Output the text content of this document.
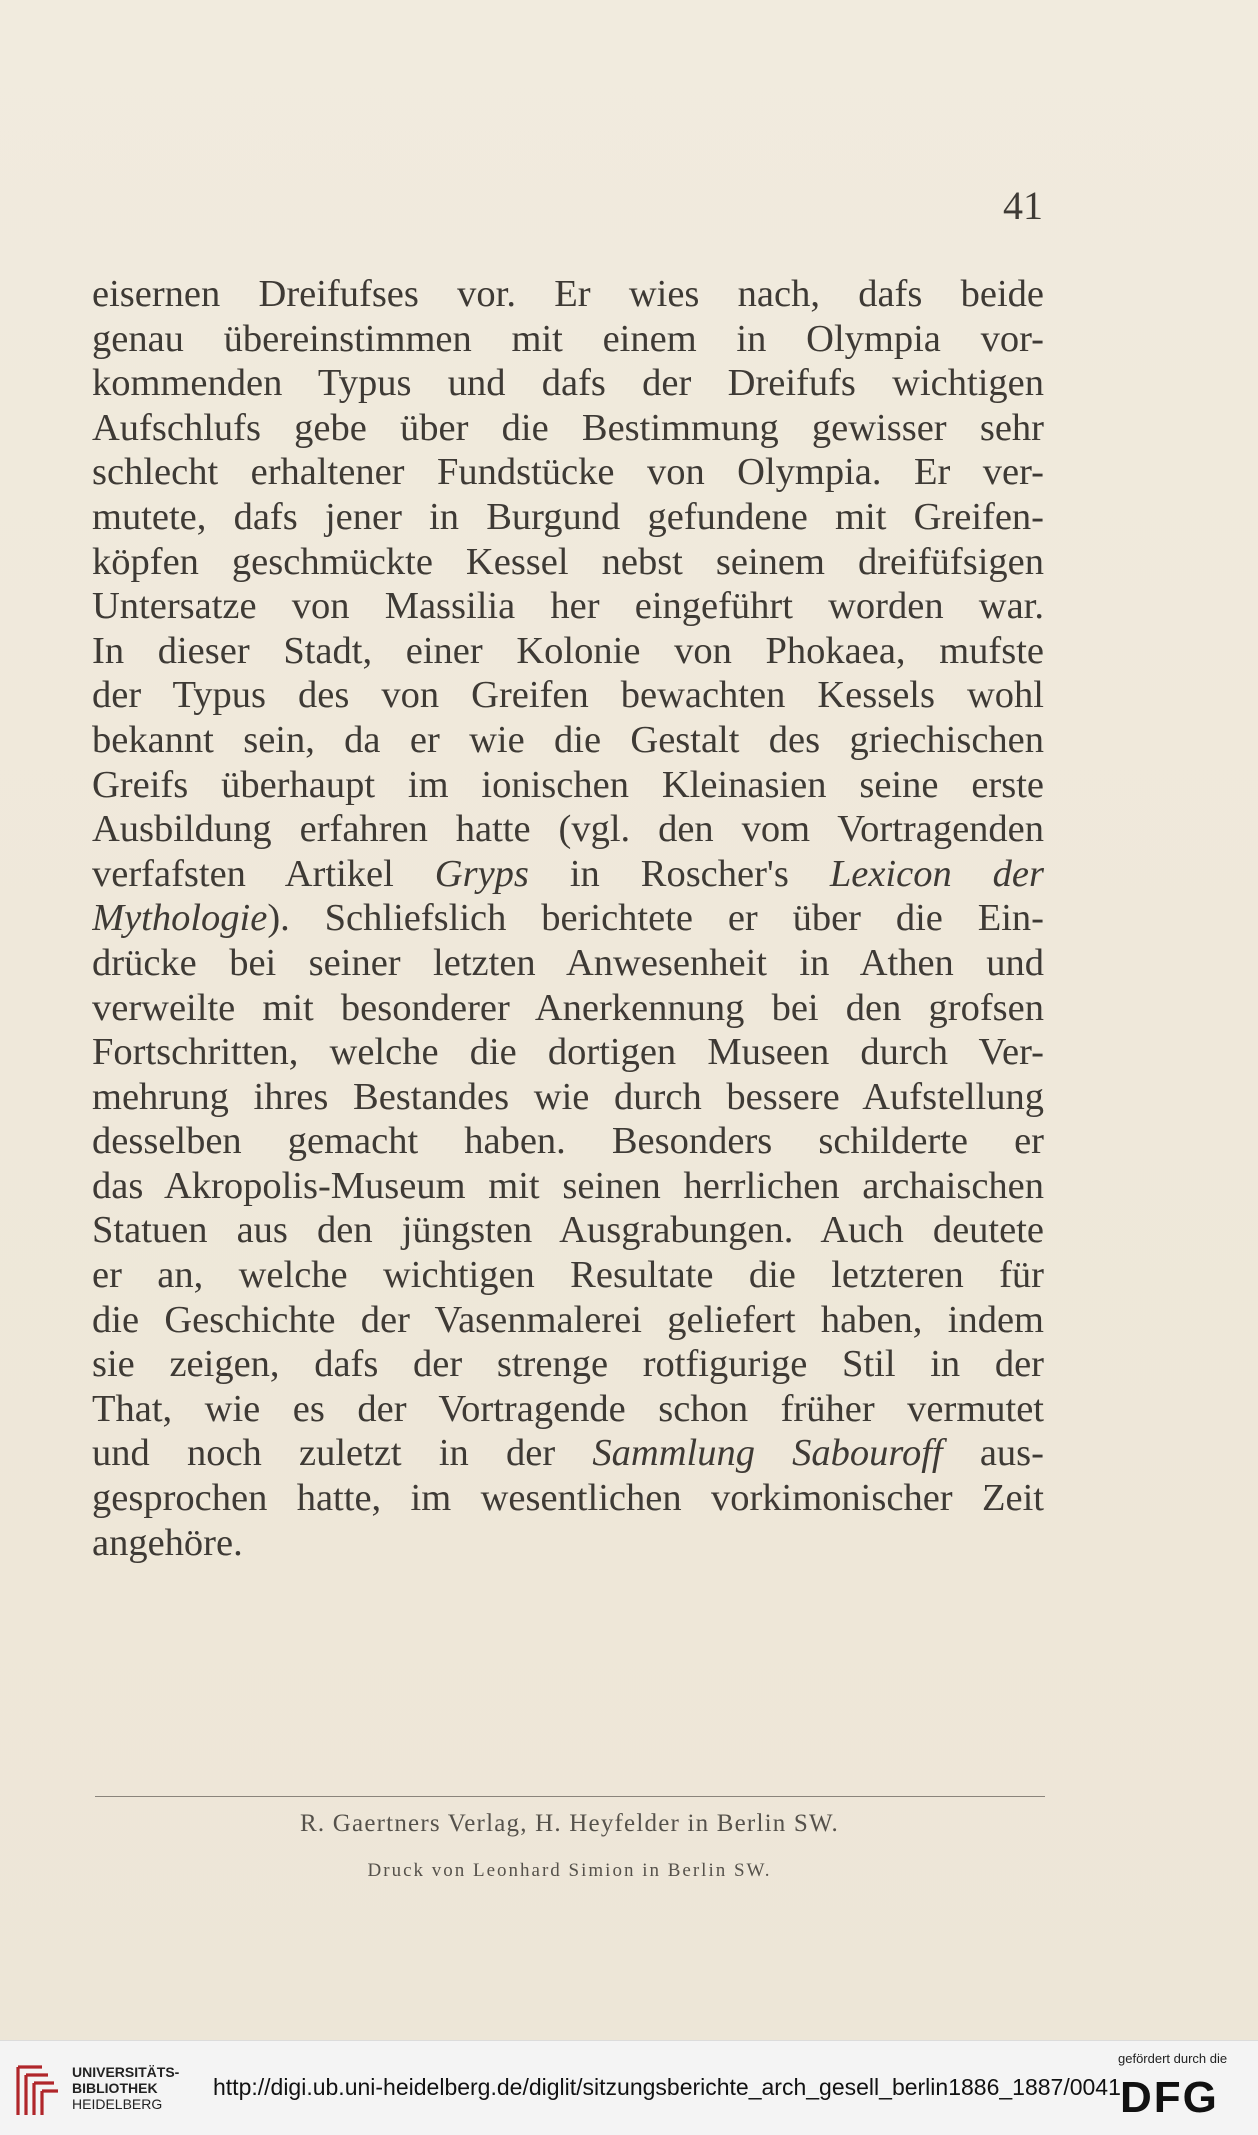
41
eisernen Dreifufses vor. Er wies nach, dafs beide
genau übereinstimmen mit einem in Olympia vor-
kommenden Typus und dafs der Dreifufs wichtigen
Aufschlufs gebe über die Bestimmung gewisser sehr
schlecht erhaltener Fundstücke von Olympia. Er ver-
mutete, dafs jener in Burgund gefundene mit Greifen-
köpfen geschmückte Kessel nebst seinem dreifüfsigen
Untersatze von Massilia her eingeführt worden war.
In dieser Stadt, einer Kolonie von Phokaea, mufste
der Typus des von Greifen bewachten Kessels wohl
bekannt sein, da er wie die Gestalt des griechischen
Greifs überhaupt im ionischen Kleinasien seine erste
Ausbildung erfahren hatte (vgl. den vom Vortragenden
verfafsten Artikel Gryps in Roscher's Lexicon der
Mythologie). Schliefslich berichtete er über die Ein-
drücke bei seiner letzten Anwesenheit in Athen und
verweilte mit besonderer Anerkennung bei den grofsen
Fortschritten, welche die dortigen Museen durch Ver-
mehrung ihres Bestandes wie durch bessere Aufstellung
desselben gemacht haben. Besonders schilderte er
das Akropolis-Museum mit seinen herrlichen archaischen
Statuen aus den jüngsten Ausgrabungen. Auch deutete
er an, welche wichtigen Resultate die letzteren für
die Geschichte der Vasenmalerei geliefert haben, indem
sie zeigen, dafs der strenge rotfigurige Stil in der
That, wie es der Vortragende schon früher vermutet
und noch zuletzt in der Sammlung Sabouroff aus-
gesprochen hatte, im wesentlichen vorkimonischer Zeit
angehöre.
R. Gaertners Verlag, H. Heyfelder in Berlin SW.
Druck von Leonhard Simion in Berlin SW.
UNIVERSITÄTS-
BIBLIOTHEK
HEIDELBERG
http://digi.ub.uni-heidelberg.de/diglit/sitzungsberichte_arch_gesell_berlin1886_1887/0041
gefördert durch die
DFG
